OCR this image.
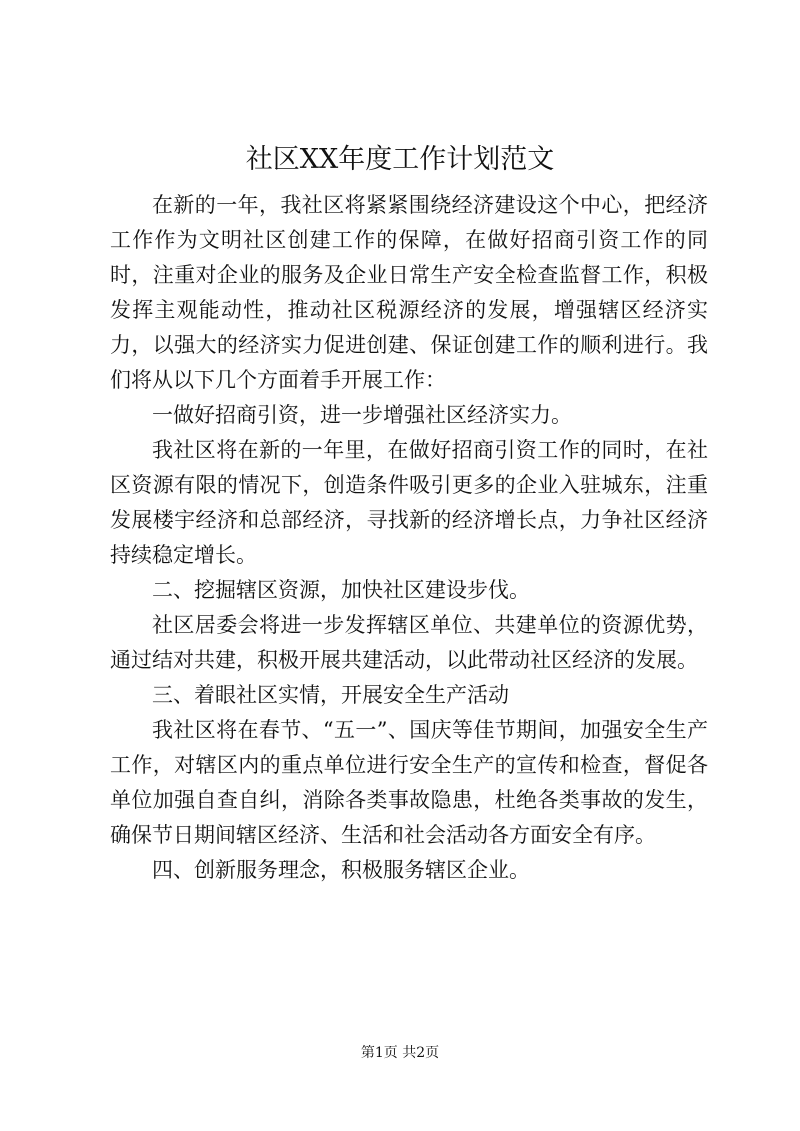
社区XX年度工作计划范文

在新的一年，我社区将紧紧围绕经济建设这个中心，把经济工作作为文明社区创建工作的保障，在做好招商引资工作的同时，注重对企业的服务及企业日常生产安全检查监督工作，积极发挥主观能动性，推动社区税源经济的发展，增强辖区经济实力，以强大的经济实力促进创建、保证创建工作的顺利进行。我们将从以下几个方面着手开展工作：

一做好招商引资，进一步增强社区经济实力。

我社区将在新的一年里，在做好招商引资工作的同时，在社区资源有限的情况下，创造条件吸引更多的企业入驻城东，注重发展楼宇经济和总部经济，寻找新的经济增长点，力争社区经济持续稳定增长。

二、挖掘辖区资源，加快社区建设步伐。

社区居委会将进一步发挥辖区单位、共建单位的资源优势，通过结对共建，积极开展共建活动，以此带动社区经济的发展。

三、着眼社区实情，开展安全生产活动

我社区将在春节、“五一”、国庆等佳节期间，加强安全生产工作，对辖区内的重点单位进行安全生产的宣传和检查，督促各单位加强自查自纠，消除各类事故隐患，杜绝各类事故的发生，确保节日期间辖区经济、生活和社会活动各方面安全有序。

四、创新服务理念，积极服务辖区企业。

第1页 共2页
